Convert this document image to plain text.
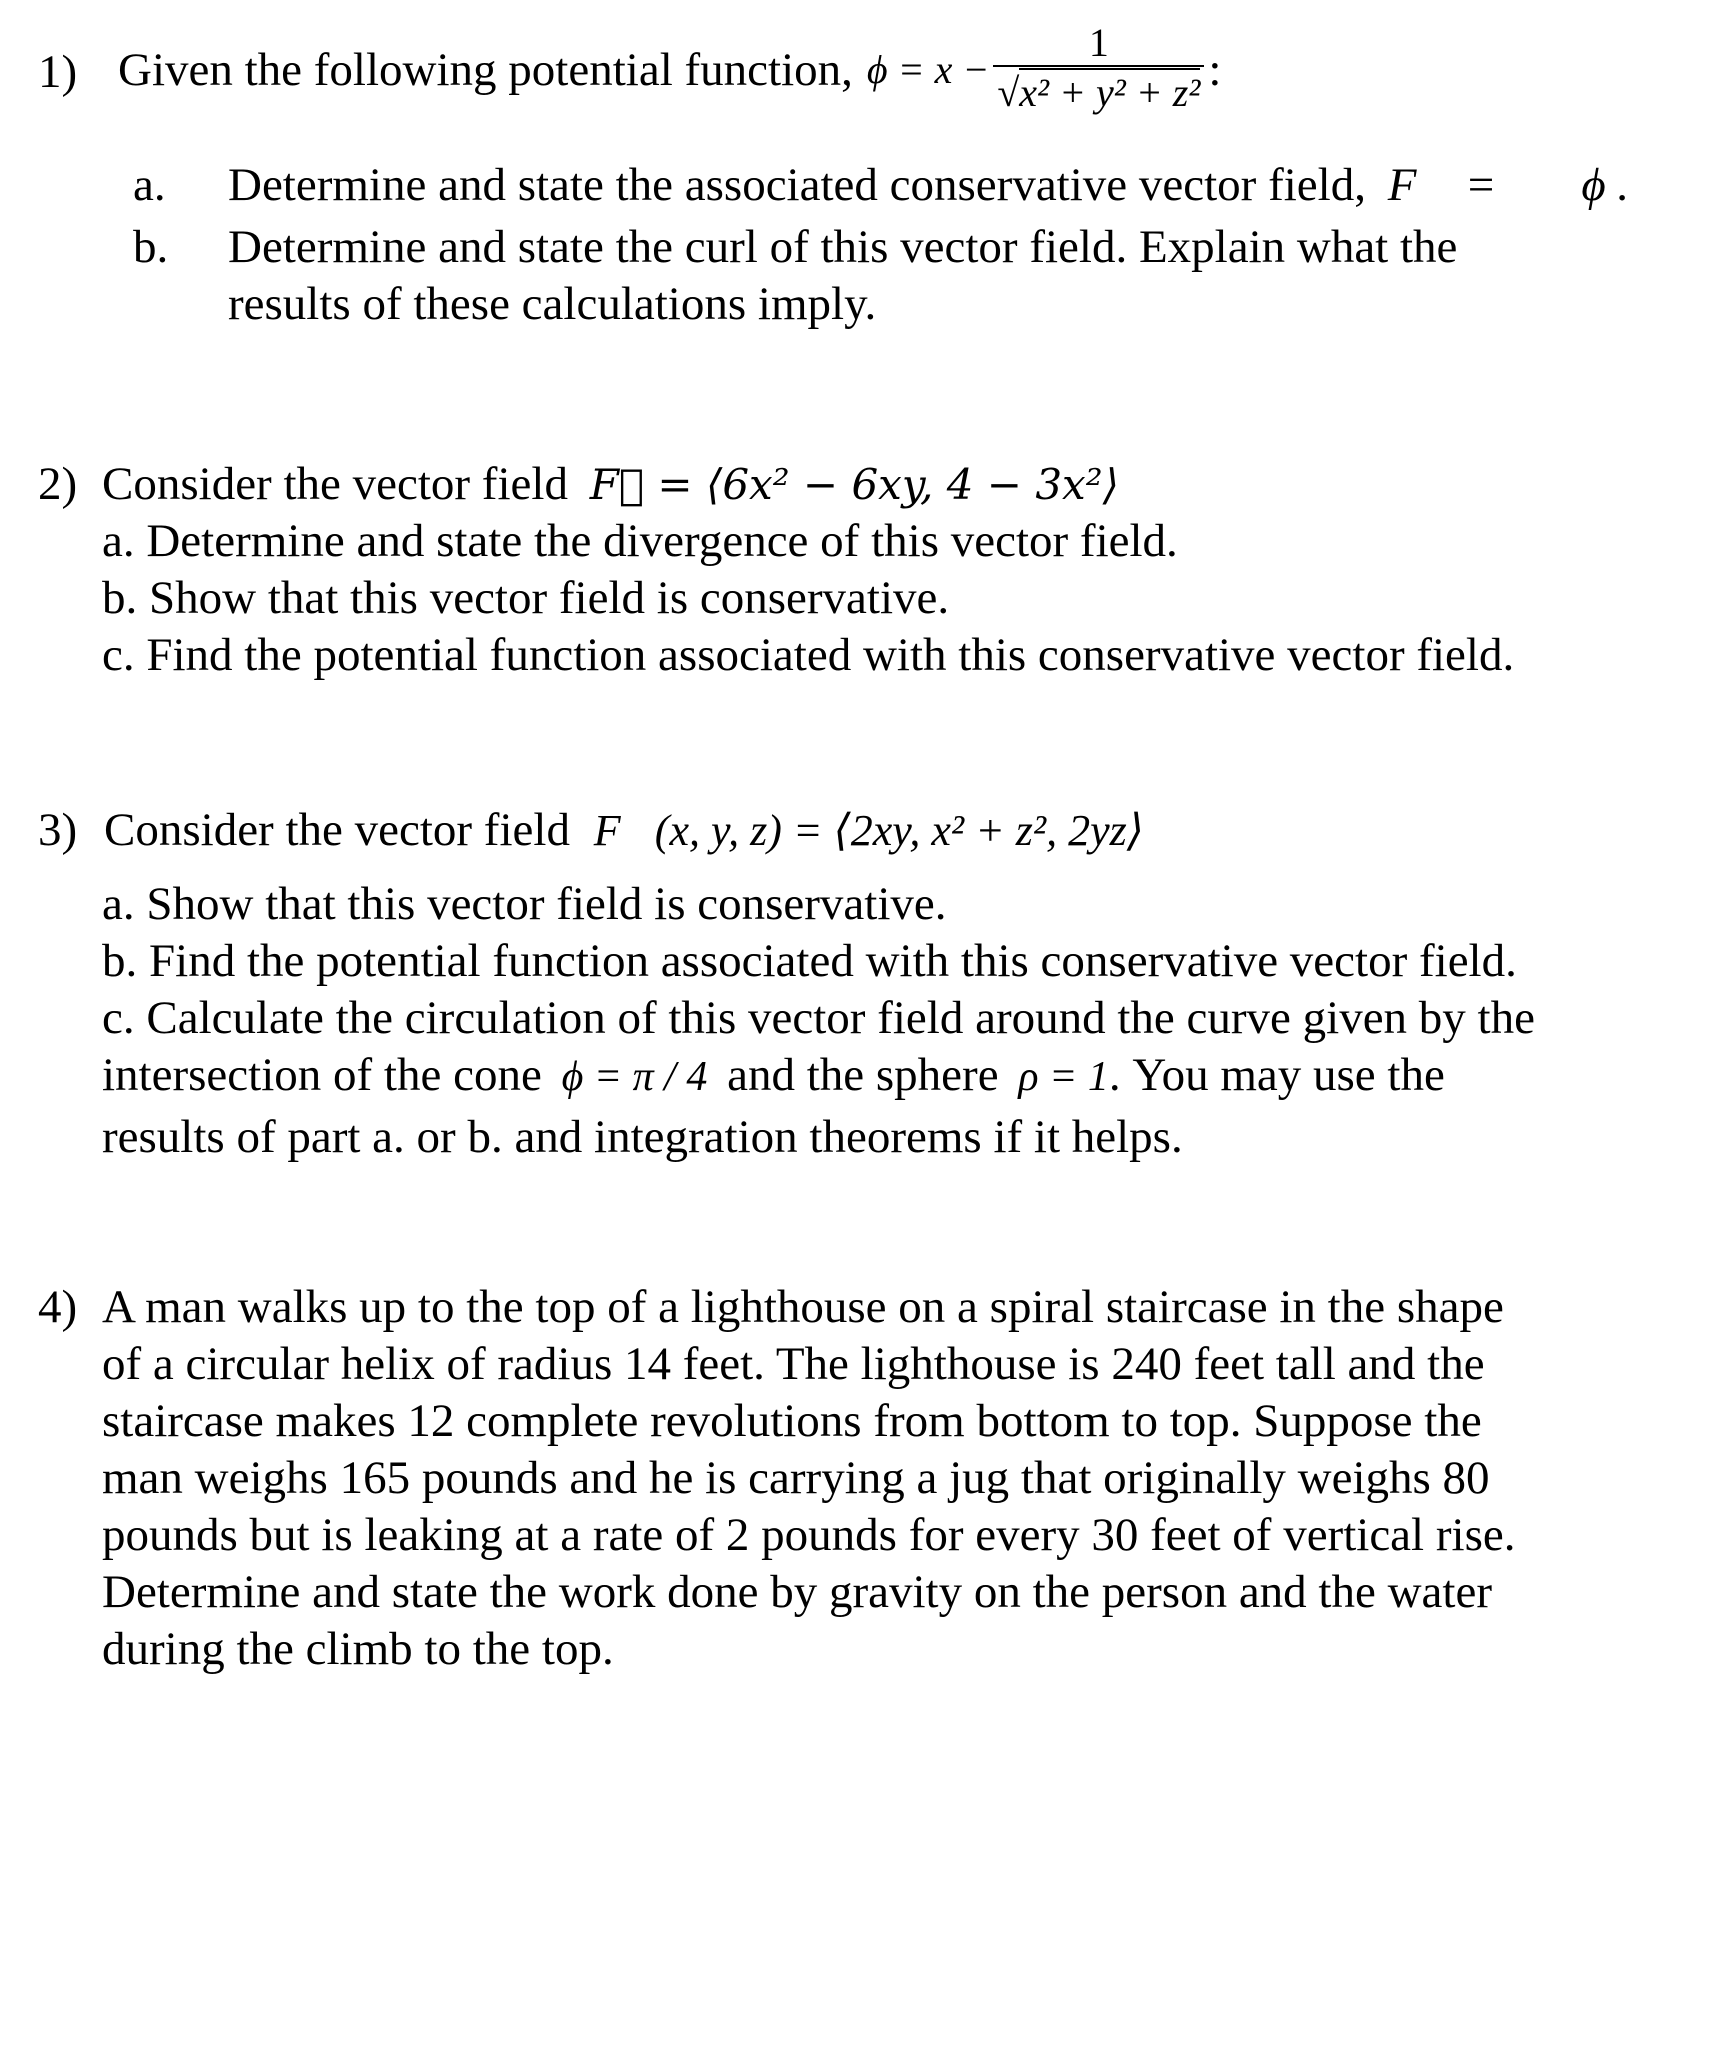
1) Given the following potential function, $\phi = x - \frac{1}{\text{√x² + y² + z²}}$ :
a. Determine and state the associated conservative vector field, F⃗ = ∇⃗ϕ .
b. Determine and state the curl of this vector field. Explain what the
results of these calculations imply.
2) Consider the vector field F⃗ = ⟨6x² − 6xy, 4 − 3x²⟩
a. Determine and state the divergence of this vector field.
b. Show that this vector field is conservative.
c. Find the potential function associated with this conservative vector field.
3) Consider the vector field F⃗(x, y, z) = ⟨2xy, x² + z², 2yz⟩
a. Show that this vector field is conservative.
b. Find the potential function associated with this conservative vector field.
c. Calculate the circulation of this vector field around the curve given by the
intersection of the cone ϕ = π / 4 and the sphere ρ = 1. You may use the
results of part a. or b. and integration theorems if it helps.
4) A man walks up to the top of a lighthouse on a spiral staircase in the shape
of a circular helix of radius 14 feet. The lighthouse is 240 feet tall and the
staircase makes 12 complete revolutions from bottom to top. Suppose the
man weighs 165 pounds and he is carrying a jug that originally weighs 80
pounds but is leaking at a rate of 2 pounds for every 30 feet of vertical rise.
Determine and state the work done by gravity on the person and the water
during the climb to the top.
